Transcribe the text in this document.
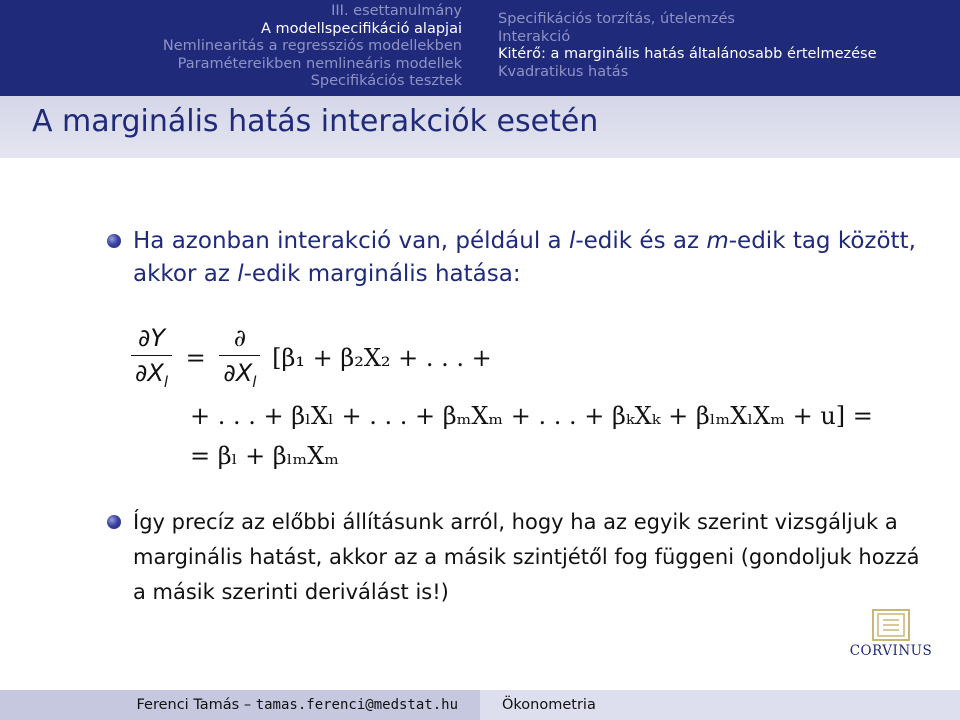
III. esettanulmány
A modellspecifikáció alapjai
Nemlinearitás a regressziós modellekben
Paramétereikben nemlineáris modellek
Specifikációs tesztek
Specifikációs torzítás, útelemzés
Interakció
Kitérő: a marginális hatás általánosabb értelmezése
Kvadratikus hatás
A marginális hatás interakciók esetén
Ha azonban interakció van, például a l-edik és az m-edik tag között, akkor az l-edik marginális hatása:
$\frac{\partial Y}{\partial X_l} = \frac{\partial}{\partial X_l} [\beta_1 + \beta_2X_2$ + . . . +
+ . . . + βₗXₗ + . . . + βₘXₘ + . . . + βₖXₖ + βₗₘXₗXₘ + u] =
= βₗ + βₗₘXₘ
Így precíz az előbbi állításunk arról, hogy ha az egyik szerint vizsgáljuk a marginális hatást, akkor az a másik szintjétől fog függeni (gondoljuk hozzá a másik szerinti deriválást is!)
CORVINUS
Ferenci Tamás
–
tamas.ferenci@medstat.hu	Ökonometria
